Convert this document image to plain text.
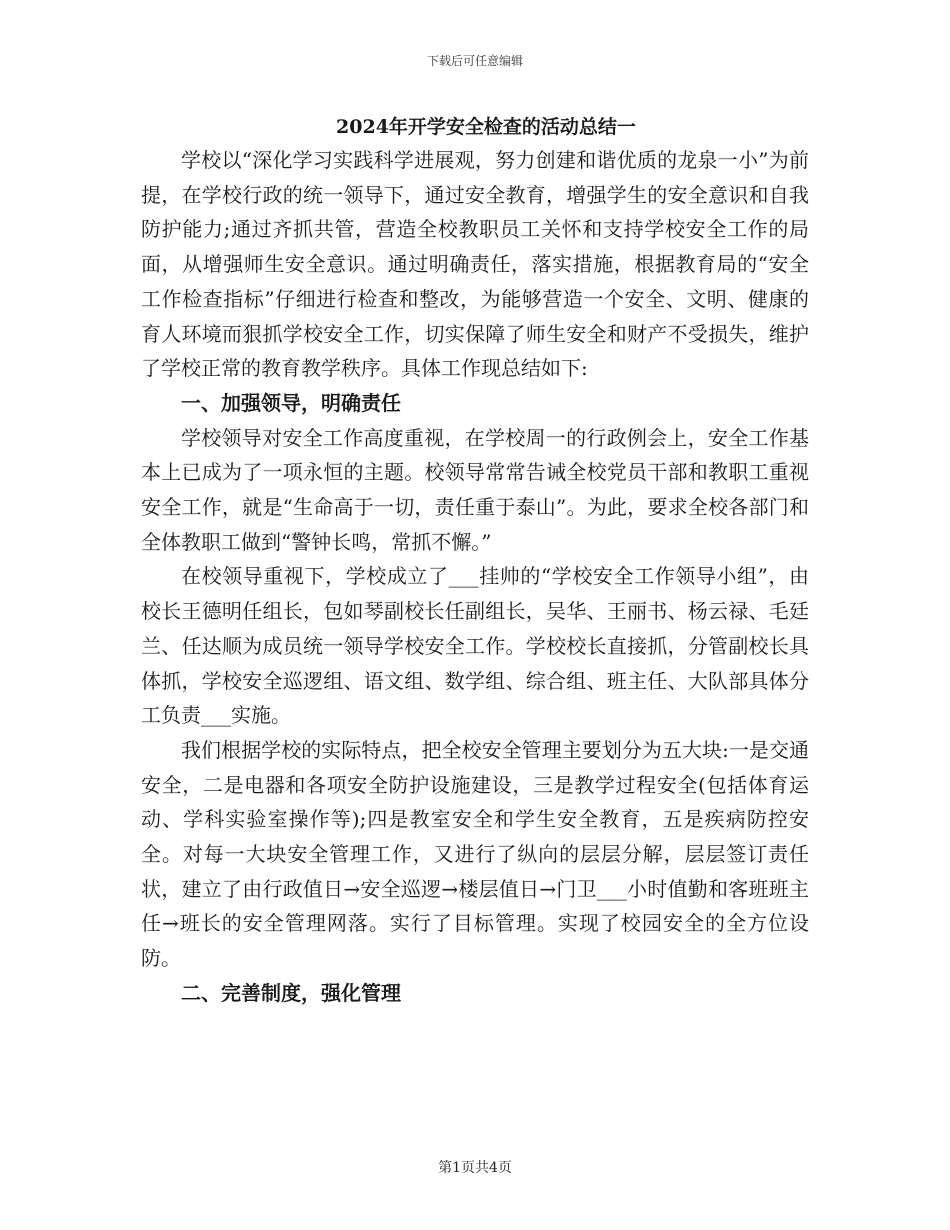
下载后可任意编辑
2024年开学安全检查的活动总结一

学校以“深化学习实践科学进展观，努力创建和谐优质的龙泉一小”为前提，在学校行政的统一领导下，通过安全教育，增强学生的安全意识和自我防护能力;通过齐抓共管，营造全校教职员工关怀和支持学校安全工作的局面，从增强师生安全意识。通过明确责任，落实措施，根据教育局的“安全工作检查指标”仔细进行检查和整改，为能够营造一个安全、文明、健康的育人环境而狠抓学校安全工作，切实保障了师生安全和财产不受损失，维护了学校正常的教育教学秩序。具体工作现总结如下:

一、加强领导，明确责任

学校领导对安全工作高度重视，在学校周一的行政例会上，安全工作基本上已成为了一项永恒的主题。校领导常常告诫全校党员干部和教职工重视安全工作，就是“生命高于一切，责任重于泰山”。为此，要求全校各部门和全体教职工做到“警钟长鸣，常抓不懈。”

在校领导重视下，学校成立了___挂帅的“学校安全工作领导小组”，由校长王德明任组长，包如琴副校长任副组长，吴华、王丽书、杨云禄、毛廷兰、任达顺为成员统一领导学校安全工作。学校校长直接抓，分管副校长具体抓，学校安全巡逻组、语文组、数学组、综合组、班主任、大队部具体分工负责___实施。

我们根据学校的实际特点，把全校安全管理主要划分为五大块:一是交通安全，二是电器和各项安全防护设施建设，三是教学过程安全(包括体育运动、学科实验室操作等);四是教室安全和学生安全教育，五是疾病防控安全。对每一大块安全管理工作，又进行了纵向的层层分解，层层签订责任状，建立了由行政值日→安全巡逻→楼层值日→门卫___小时值勤和客班班主任→班长的安全管理网落。实行了目标管理。实现了校园安全的全方位设防。

二、完善制度，强化管理
第1页共4页
